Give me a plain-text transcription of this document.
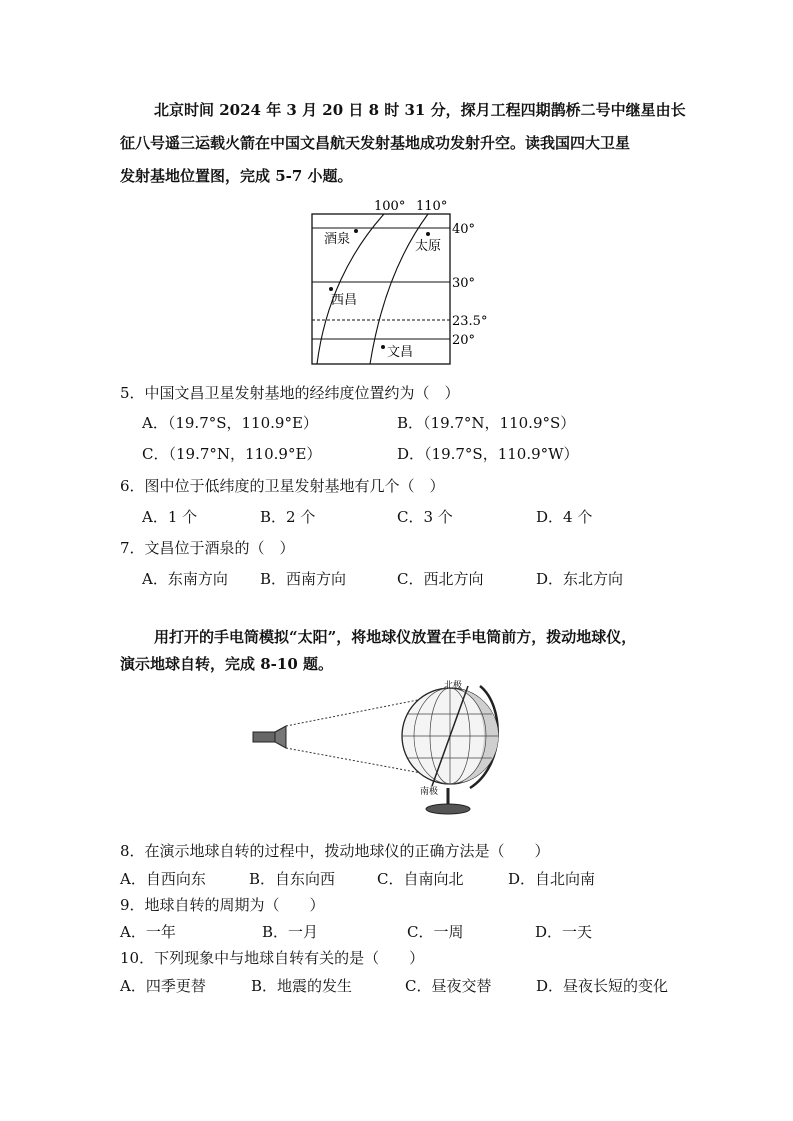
北京时间 2024 年 3 月 20 日 8 时 31 分，探月工程四期鹊桥二号中继星由长
征八号遥三运载火箭在中国文昌航天发射基地成功发射升空。读我国四大卫星
发射基地位置图，完成 5-7 小题。
100° 110°
40°
30°
23.5°
20°
酒泉	太原
西昌
文昌
5．中国文昌卫星发射基地的经纬度位置约为（　）
A．（19.7°S，110.9°E）	B．（19.7°N，110.9°S）
C．（19.7°N，110.9°E）	D．（19.7°S，110.9°W）
6．图中位于低纬度的卫星发射基地有几个（　）
A．1 个	B．2 个	C．3 个	D．4 个
7．文昌位于酒泉的（　）
A．东南方向 B．西南方向	C．西北方向	D．东北方向
用打开的手电筒模拟“太阳”，将地球仪放置在手电筒前方，拨动地球仪，
演示地球自转，完成 8-10 题。
北极
南极
8．在演示地球自转的过程中，拨动地球仪的正确方法是（　　）
A．自西向东	B．自东向西	C．自南向北	D．自北向南
9．地球自转的周期为（　　）
A．一年	B．一月	C．一周	D．一天
10．下列现象中与地球自转有关的是（　　）
A．四季更替	B．地震的发生	C．昼夜交替	D．昼夜长短的变化
